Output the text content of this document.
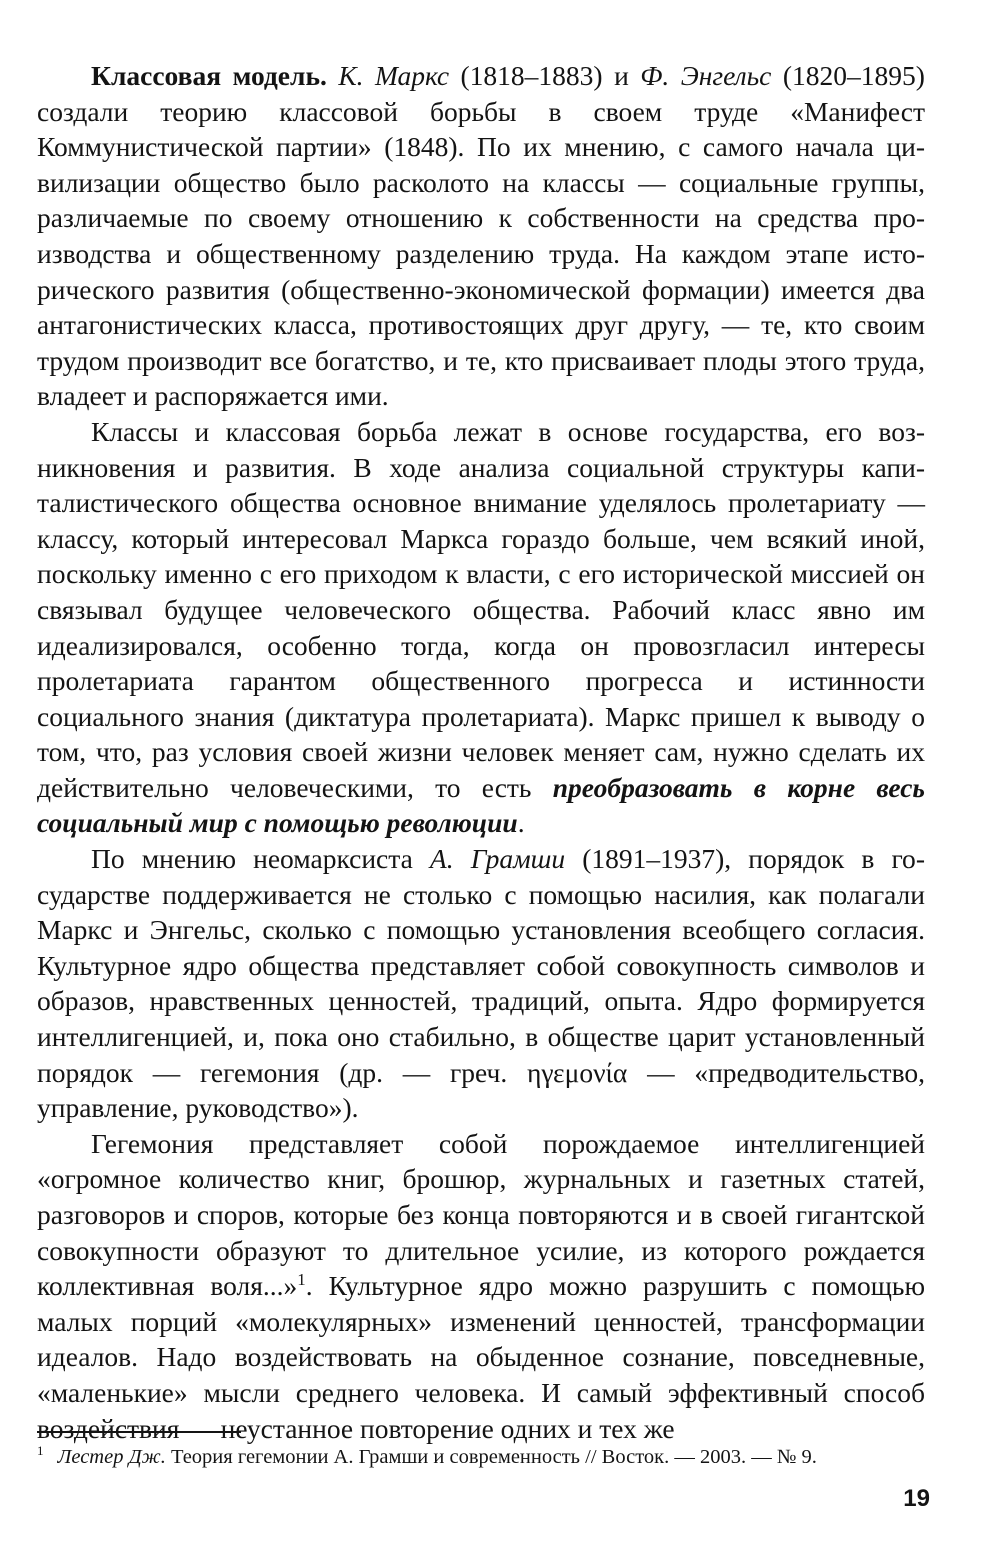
Классовая модель. К. Маркс (1818–1883) и Ф. Энгельс (1820–1895) создали теорию классовой борьбы в своем труде «Манифест Коммунистической партии» (1848). По их мнению, с самого начала цивилизации общество было расколото на классы — социальные группы, различаемые по своему отношению к собственности на средства производства и общественному разделению труда. На каждом этапе исторического развития (общественно-экономической формации) имеется два антагонистических класса, противостоящих друг другу, — те, кто своим трудом производит все богатство, и те, кто присваивает плоды этого труда, владеет и распоряжается ими.

Классы и классовая борьба лежат в основе государства, его возникновения и развития. В ходе анализа социальной структуры капиталистического общества основное внимание уделялось пролетариату — классу, который интересовал Маркса гораздо больше, чем всякий иной, поскольку именно с его приходом к власти, с его исторической миссией он связывал будущее человеческого общества. Рабочий класс явно им идеализировался, особенно тогда, когда он провозгласил интересы пролетариата гарантом общественного прогресса и истинности социального знания (диктатура пролетариата). Маркс пришел к выводу о том, что, раз условия своей жизни человек меняет сам, нужно сделать их действительно человеческими, то есть преобразовать в корне весь социальный мир с помощью революции.

По мнению неомарксиста А. Грамши (1891–1937), порядок в государстве поддерживается не столько с помощью насилия, как полагали Маркс и Энгельс, сколько с помощью установления всеобщего согласия. Культурное ядро общества представляет собой совокупность символов и образов, нравственных ценностей, традиций, опыта. Ядро формируется интеллигенцией, и, пока оно стабильно, в обществе царит установленный порядок — гегемония (др. — греч. ηγεμονία — «предводительство, управление, руководство»).

Гегемония представляет собой порождаемое интеллигенцией «огромное количество книг, брошюр, журнальных и газетных статей, разговоров и споров, которые без конца повторяются и в своей гигантской совокупности образуют то длительное усилие, из которого рождается коллективная воля...»$^1$. Культурное ядро можно разрушить с помощью малых порций «молекулярных» изменений ценностей, трансформации идеалов. Надо воздействовать на обыденное сознание, повседневные, «маленькие» мысли среднего человека. И самый эффективный способ воздействия — неустанное повторение одних и тех же

$^1$ Лестер Дж. Теория гегемонии А. Грамши и современность // Восток. — 2003. — № 9.
19
